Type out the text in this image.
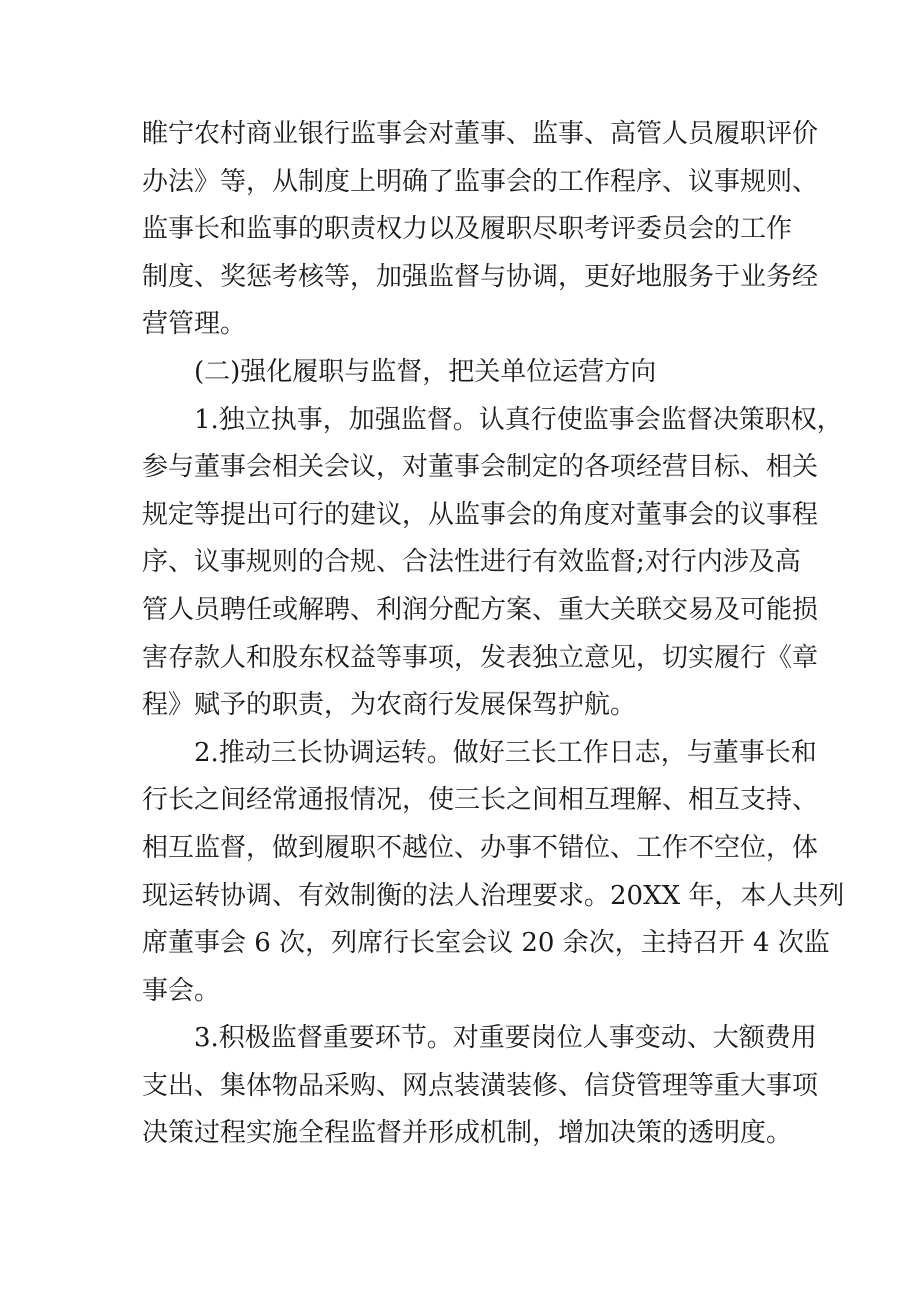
睢宁农村商业银行监事会对董事、监事、高管人员履职评价
办法》等，从制度上明确了监事会的工作程序、议事规则、
监事长和监事的职责权力以及履职尽职考评委员会的工作
制度、奖惩考核等，加强监督与协调，更好地服务于业务经
营管理。
(二)强化履职与监督，把关单位运营方向
1.独立执事，加强监督。认真行使监事会监督决策职权，
参与董事会相关会议，对董事会制定的各项经营目标、相关
规定等提出可行的建议，从监事会的角度对董事会的议事程
序、议事规则的合规、合法性进行有效监督;对行内涉及高
管人员聘任或解聘、利润分配方案、重大关联交易及可能损
害存款人和股东权益等事项，发表独立意见，切实履行《章
程》赋予的职责，为农商行发展保驾护航。
2.推动三长协调运转。做好三长工作日志，与董事长和
行长之间经常通报情况，使三长之间相互理解、相互支持、
相互监督，做到履职不越位、办事不错位、工作不空位，体
现运转协调、有效制衡的法人治理要求。20XX 年，本人共列
席董事会 6 次，列席行长室会议 20 余次，主持召开 4 次监
事会。
3.积极监督重要环节。对重要岗位人事变动、大额费用
支出、集体物品采购、网点装潢装修、信贷管理等重大事项
决策过程实施全程监督并形成机制，增加决策的透明度。
